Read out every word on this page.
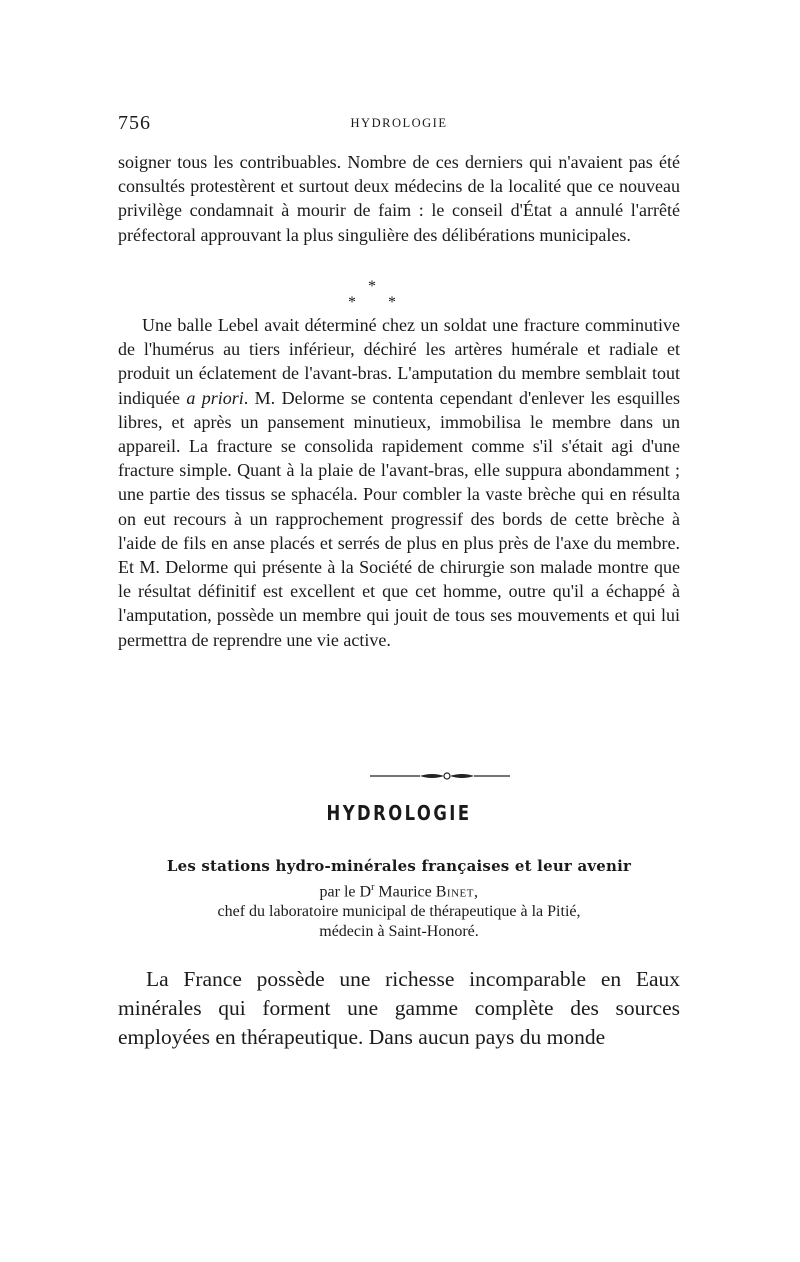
756	HYDROLOGIE

soigner tous les contribuables. Nombre de ces derniers qui n'avaient pas été consultés protestèrent et surtout deux médecins de la localité que ce nouveau privilège condamnait à mourir de faim : le conseil d'État a annulé l'arrêté préfectoral approuvant la plus singulière des délibérations municipales.

*
* *

Une balle Lebel avait déterminé chez un soldat une fracture comminutive de l'humérus au tiers inférieur, déchiré les artères humérale et radiale et produit un éclatement de l'avant-bras. L'amputation du membre semblait tout indiquée a priori. M. Delorme se contenta cependant d'enlever les esquilles libres, et après un pansement minutieux, immobilisa le membre dans un appareil. La fracture se consolida rapidement comme s'il s'était agi d'une fracture simple. Quant à la plaie de l'avant-bras, elle suppura abondamment ; une partie des tissus se sphacéla. Pour combler la vaste brèche qui en résulta on eut recours à un rapprochement progressif des bords de cette brèche à l'aide de fils en anse placés et serrés de plus en plus près de l'axe du membre. Et M. Delorme qui présente à la Société de chirurgie son malade montre que le résultat définitif est excellent et que cet homme, outre qu'il a échappé à l'amputation, possède un membre qui jouit de tous ses mouvements et qui lui permettra de reprendre une vie active.

HYDROLOGIE
Les stations hydro-minérales françaises et leur avenir
par le $D^r$ Maurice Binet,
chef du laboratoire municipal de thérapeutique à la Pitié,
médecin à Saint-Honoré.

La France possède une richesse incomparable en Eaux minérales qui forment une gamme complète des sources employées en thérapeutique. Dans aucun pays du monde
